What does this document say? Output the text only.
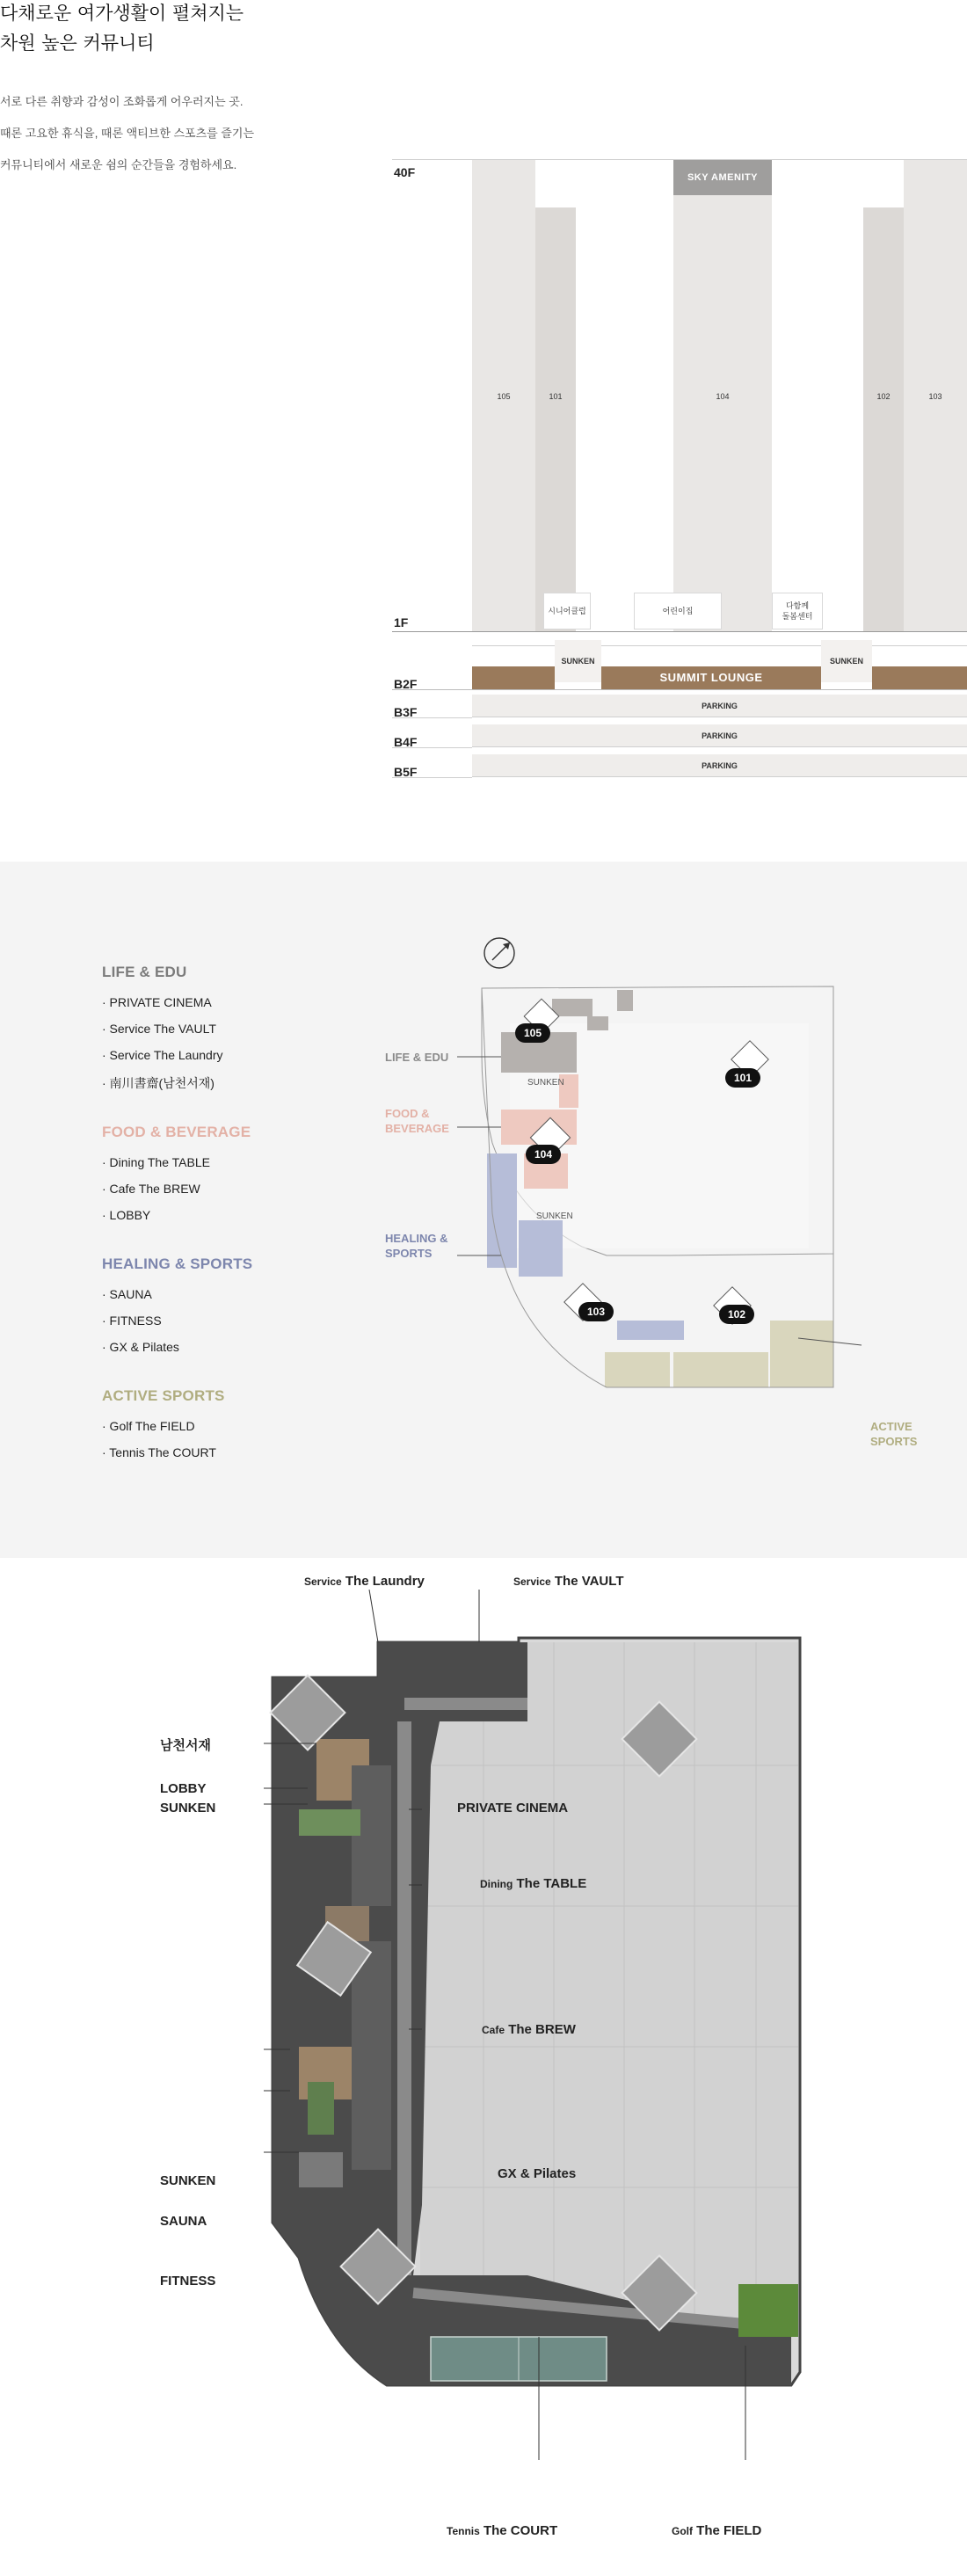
다채로운 여가생활이 펼쳐지는
차원 높은 커뮤니티
서로 다른 취향과 감성이 조화롭게 어우러지는 곳.
때론 고요한 휴식을, 때론 액티브한 스포츠를 즐기는
커뮤니티에서 새로운 쉼의 순간들을 경험하세요.
40F
105	101
SKY AMENITY
104	102	103
시니어클럽	어린이집
다함께
돌봄센터
1F
SUNKEN	SUNKEN
SUMMIT LOUNGE
B2F
PARKING
B3F
PARKING
B4F
PARKING
B5F
LIFE & EDU
· PRIVATE CINEMA
· Service The VAULT
· Service The Laundry
· 南川書齋(남천서재)
FOOD & BEVERAGE
· Dining The TABLE
· Cafe The BREW
· LOBBY
HEALING & SPORTS
· SAUNA
· FITNESS
· GX & Pilates
ACTIVE SPORTS
· Golf The FIELD
· Tennis The COURT
105
101
104
103	102
SUNKEN
SUNKEN
LIFE & EDU
FOOD &
BEVERAGE
HEALING &
SPORTS
ACTIVE
SPORTS
Service The Laundry	Service The VAULT
남천서재
LOBBY
SUNKEN	PRIVATE CINEMA
Dining The TABLE
Cafe The BREW
SUNKEN
SAUNA
GX & Pilates
FITNESS
Tennis The COURT	Golf The FIELD
